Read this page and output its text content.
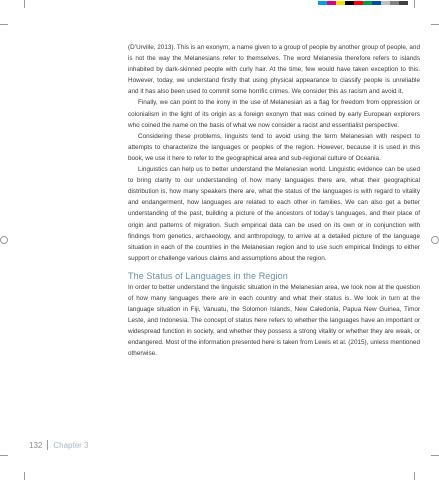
(D’Urville, 2013). This is an exonym, a name given to a group of people by another group of people, and is not the way the Melanesians refer to themselves. The word Melanesia therefore refers to islands inhabited by dark-skinned people with curly hair. At the time, few would have taken exception to this. However, today, we understand firstly that using physical appearance to classify people is unreliable and it has also been used to commit some horrific crimes. We consider this as racism and avoid it.

Finally, we can point to the irony in the use of Melanesian as a flag for freedom from oppression or colonialism in the light of its origin as a foreign exonym that was coined by early European explorers who coined the name on the basis of what we now consider a racist and essentialist perspective.

Considering these problems, linguists tend to avoid using the term Melanesian with respect to attempts to characterize the languages or peoples of the region. However, because it is used in this book, we use it here to refer to the geographical area and sub-regional culture of Oceania.

Linguistics can help us to better understand the Melanesian world. Linguistic evidence can be used to bring clarity to our understanding of how many languages there are, what their geographical distribution is, how many speakers there are, what the status of the languages is with regard to vitality and endangerment, how languages are related to each other in families. We can also get a better understanding of the past, building a picture of the ancestors of today’s languages, and their place of origin and patterns of migration. Such empirical data can be used on its own or in conjunction with findings from genetics, archaeology, and anthropology, to arrive at a detailed picture of the language situation in each of the countries in the Melanesian region and to use such empirical findings to either support or challenge various claims and assumptions about the region.

The Status of Languages in the Region

In order to better understand the linguistic situation in the Melanesian area, we look now at the question of how many languages there are in each country and what their status is. We look in turn at the language situation in Fiji, Vanuatu, the Solomon Islands, New Caledonia, Papua New Guinea, Timor Leste, and Indonesia. The concept of status here refers to whether the languages have an important or widespread function in society, and whether they possess a strong vitality or whether they are weak, or endangered. Most of the information presented here is taken from Lewis et al. (2015), unless mentioned otherwise.

132 Chapter 3
